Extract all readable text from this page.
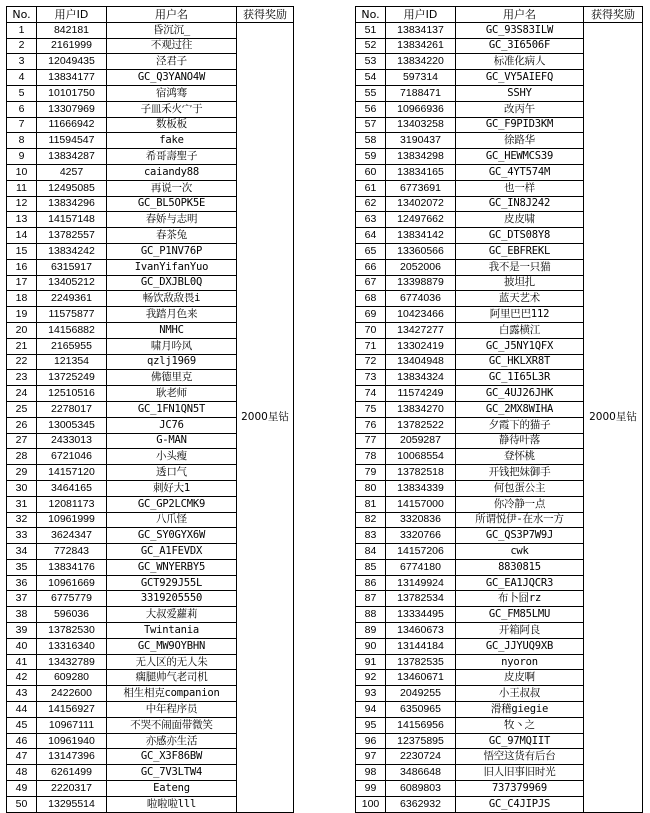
No.	用户ID	用户名	获得奖励
1	842181	昏沉沉_	2000星钻
2	2161999	不观过往	
3	12049435	泾君子	
4	13834177	GC_Q3YANO4W	
5	10101750	宿鸿骞	
6	13307969	子皿禾火宀于	
7	11666942	数板板	
8	11594547	fake	
9	13834287	希哥壽聖子	
10	4257	caiandy88	
11	12495085	再说一次	
12	13834296	GC_BL5OPK5E	
13	14157148	春娇与志明	
14	13782557	春茶兔	
15	13834242	GC_P1NV76P	
16	6315917	IvanYifanYuo	
17	13405212	GC_DXJBL0Q	
18	2249361	畅饮敌敌畏i	
19	11575877	我踏月色来	
20	14156882	NMHC	
21	2165955	啸月吟风	
22	121354	qzlj1969	
23	13725249	佛德里克	
24	12510516	耿老师	
25	2278017	GC_1FN1QN5T	
26	13005345	JC76	
27	2433013	G-MAN	
28	6721046	小头瘦	
29	14157120	透口气	
30	3464165	刺好大1	
31	12081173	GC_GP2LCMK9	
32	10961999	八爪怪	
33	3624347	GC_SY0GYX6W	
34	772843	GC_A1FEVDX	
35	13834176	GC_WNYERBY5	
36	10961669	GCT929J55L	
37	6775779	3319205550	
38	596036	大叔爱蘿莉	
39	13782530	Twintania	
40	13316340	GC_MW9OYBHN	
41	13432789	无人区的无人朱	
42	609280	瘸腿帅气老司机	
43	2422600	相生相克companion	
44	14156927	中年程序员	
45	10967111	不哭不闹面带微笑	
46	10961940	亦感亦生活	
47	13147396	GC_X3F86BW	
48	6261499	GC_7V3LTW4	
49	2220317	Eateng	
50	13295514	啦啦啦lll	
No.	用户ID	用户名	获得奖励
51	13834137	GC_93S83ILW	2000星钻
52	13834261	GC_3I6506F	
53	13834220	标准化病人	
54	597314	GC_VY5AIEFQ	
55	7188471	SSHY	
56	10966936	改丙午	
57	13403258	GC_F9PID3KM	
58	3190437	徐路华	
59	13834298	GC_HEWMCS39	
60	13834165	GC_4YT574M	
61	6773691	也一样	
62	13402072	GC_IN8J242	
63	12497662	皮皮啸	
64	13834142	GC_DTS08Y8	
65	13360566	GC_EBFREKL	
66	2052006	我不是一只猫	
67	13398879	披坦扎	
68	6774036	蓝天艺术	
69	10423466	阿里巴巴112	
70	13427277	白露横江	
71	13302419	GC_J5NY1QFX	
72	13404948	GC_HKLXR8T	
73	13834324	GC_1I65L3R	
74	11574249	GC_4UJ26JHK	
75	13834270	GC_2MX8WIHA	
76	13782522	夕霞下的猫子	
77	2059287	静待叶落	
78	10068554	登怀桃	
79	13782518	开钱把妹御手	
80	13834339	何包蛋公主	
81	14157000	你冷静一点	
82	3320836	所谓悦伊-在水一方	
83	3320766	GC_QS3P7W9J	
84	14157206	cwk	
85	6774180	8830815	
86	13149924	GC_EA1JQCR3	
87	13782534	布卜囧rz	
88	13334495	GC_FM85LMU	
89	13460673	开箱阿良	
90	13144184	GC_JJYUQ9XB	
91	13782535	nyoron	
92	13460671	皮皮啊	
93	2049255	小王叔叔	
94	6350965	滑稽giegie	
95	14156956	牧丶之	
96	12375895	GC_97MQIIT	
97	2230724	悟空这货有后台	
98	3486648	旧人旧事旧时光	
99	6089803	737379969	
100	6362932	GC_C4JIPJS	
